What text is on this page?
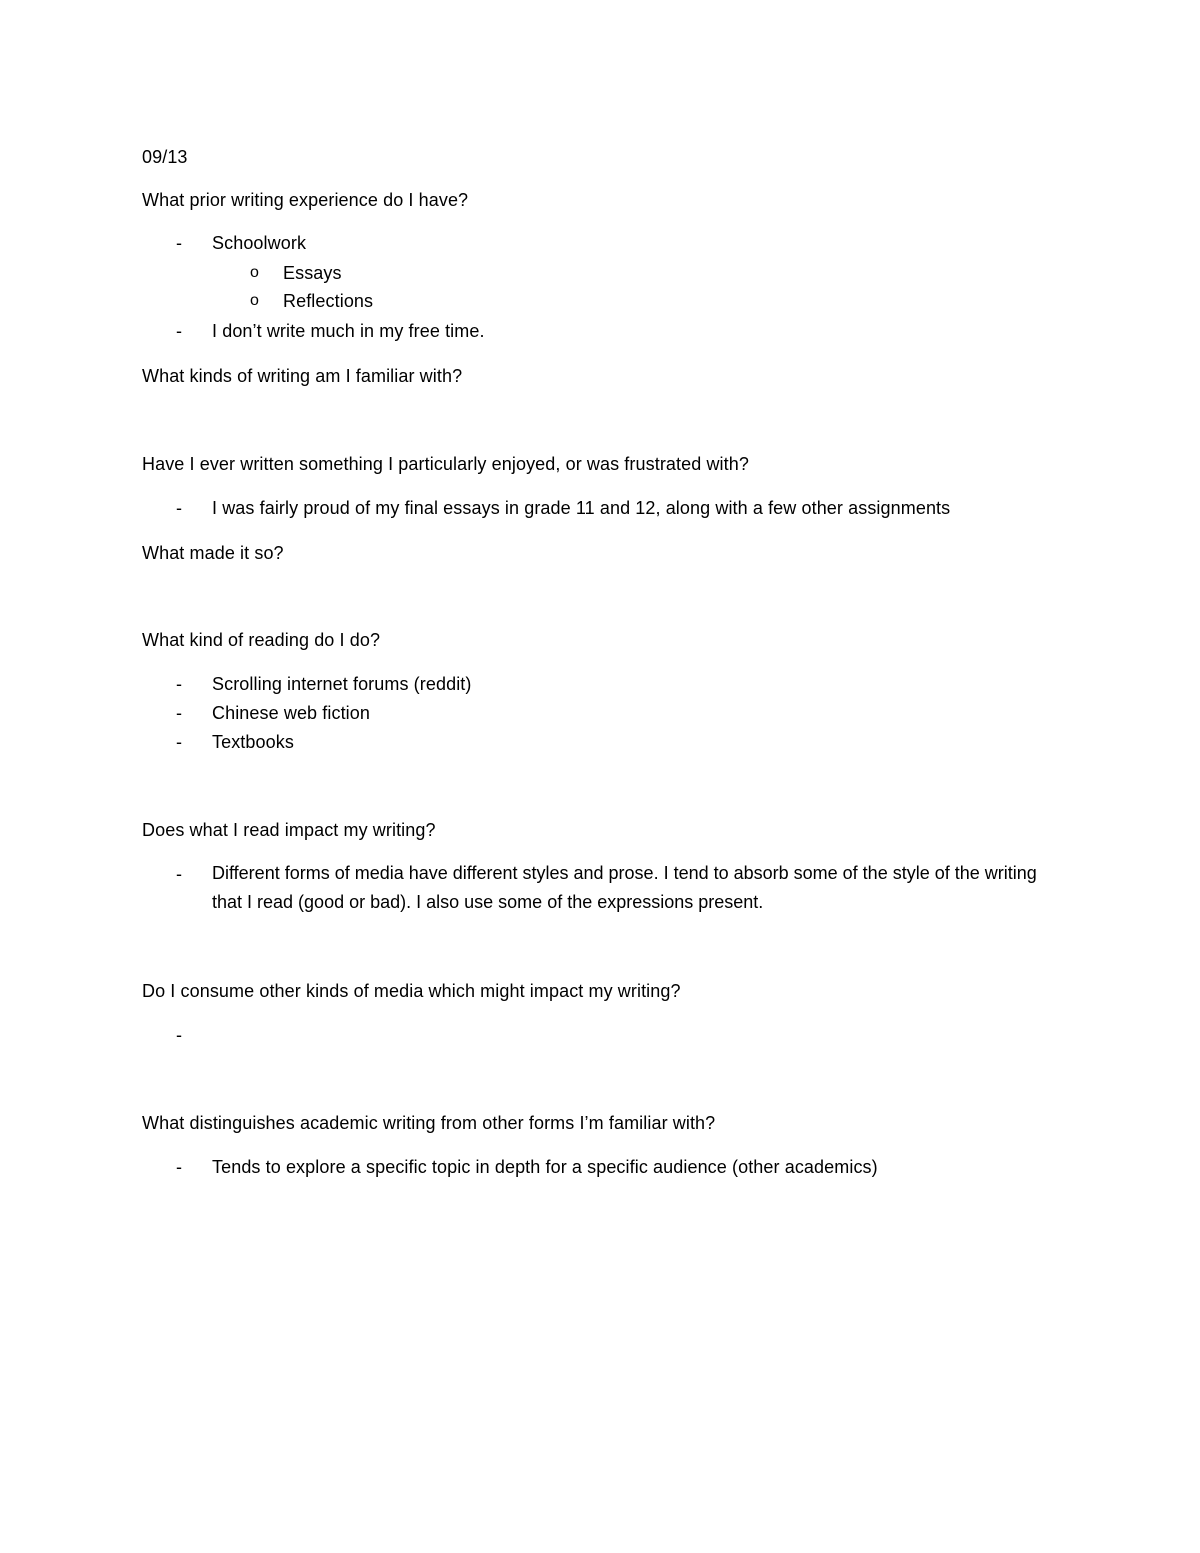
09/13
What prior writing experience do I have?
- Schoolwork
o Essays
o Reflections
- I don’t write much in my free time.
What kinds of writing am I familiar with?
Have I ever written something I particularly enjoyed, or was frustrated with?
- I was fairly proud of my final essays in grade 11 and 12, along with a few other assignments
What made it so?
What kind of reading do I do?
- Scrolling internet forums (reddit)
- Chinese web fiction
- Textbooks
Does what I read impact my writing?
- Different forms of media have different styles and prose. I tend to absorb some of the style of the writing that I read (good or bad). I also use some of the expressions present.
Do I consume other kinds of media which might impact my writing?
-
What distinguishes academic writing from other forms I’m familiar with?
- Tends to explore a specific topic in depth for a specific audience (other academics)
